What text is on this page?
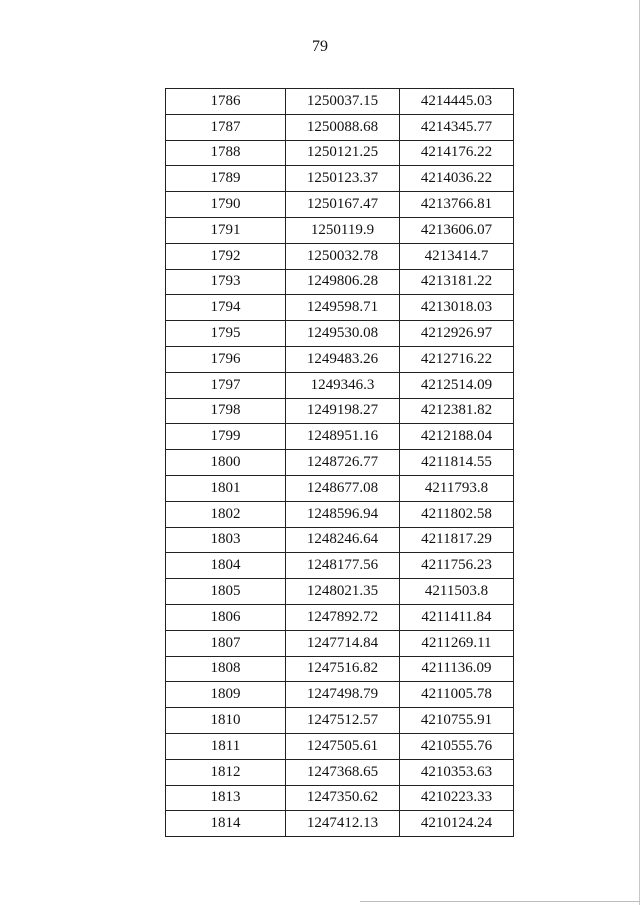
79
1786	1250037.15	4214445.03
1787	1250088.68	4214345.77
1788	1250121.25	4214176.22
1789	1250123.37	4214036.22
1790	1250167.47	4213766.81
1791	1250119.9	4213606.07
1792	1250032.78	4213414.7
1793	1249806.28	4213181.22
1794	1249598.71	4213018.03
1795	1249530.08	4212926.97
1796	1249483.26	4212716.22
1797	1249346.3	4212514.09
1798	1249198.27	4212381.82
1799	1248951.16	4212188.04
1800	1248726.77	4211814.55
1801	1248677.08	4211793.8
1802	1248596.94	4211802.58
1803	1248246.64	4211817.29
1804	1248177.56	4211756.23
1805	1248021.35	4211503.8
1806	1247892.72	4211411.84
1807	1247714.84	4211269.11
1808	1247516.82	4211136.09
1809	1247498.79	4211005.78
1810	1247512.57	4210755.91
1811	1247505.61	4210555.76
1812	1247368.65	4210353.63
1813	1247350.62	4210223.33
1814	1247412.13	4210124.24
